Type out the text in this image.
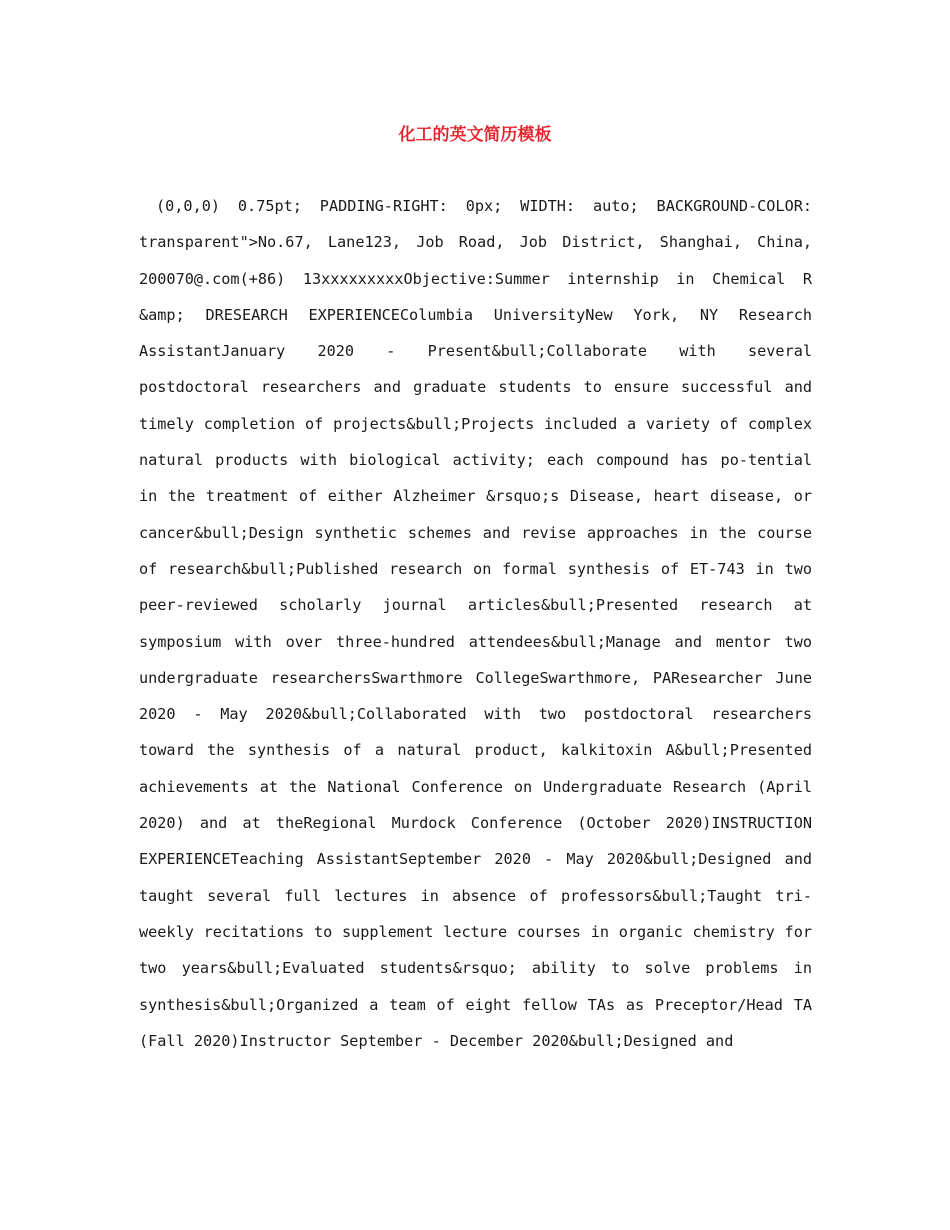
化工的英文简历模板

(0,0,0) 0.75pt; PADDING-RIGHT: 0px; WIDTH: auto; BACKGROUND-COLOR: transparent">No.67, Lane123, Job Road, Job District, Shanghai, China, 200070@.com(+86) 13xxxxxxxxxObjective:Summer internship in Chemical R &amp; DRESEARCH EXPERIENCEColumbia UniversityNew York, NY Research AssistantJanuary 2020 - Present&bull;Collaborate with several postdoctoral researchers and graduate students to ensure successful and timely completion of projects&bull;Projects included a variety of complex natural products with biological activity; each compound has po-tential in the treatment of either Alzheimer &rsquo;s Disease, heart disease, or cancer&bull;Design synthetic schemes and revise approaches in the course of research&bull;Published research on formal synthesis of ET-743 in two peer-reviewed scholarly journal articles&bull;Presented research at symposium with over three-hundred attendees&bull;Manage and mentor two undergraduate researchersSwarthmore CollegeSwarthmore, PAResearcher June 2020 - May 2020&bull;Collaborated with two postdoctoral researchers toward the synthesis of a natural product, kalkitoxin A&bull;Presented achievements at the National Conference on Undergraduate Research (April 2020) and at theRegional Murdock Conference (October 2020)INSTRUCTION EXPERIENCETeaching AssistantSeptember 2020 - May 2020&bull;Designed and taught several full lectures in absence of professors&bull;Taught tri-weekly recitations to supplement lecture courses in organic chemistry for two years&bull;Evaluated students&rsquo; ability to solve problems in synthesis&bull;Organized a team of eight fellow TAs as Preceptor/Head TA (Fall 2020)Instructor September - December 2020&bull;Designed and
